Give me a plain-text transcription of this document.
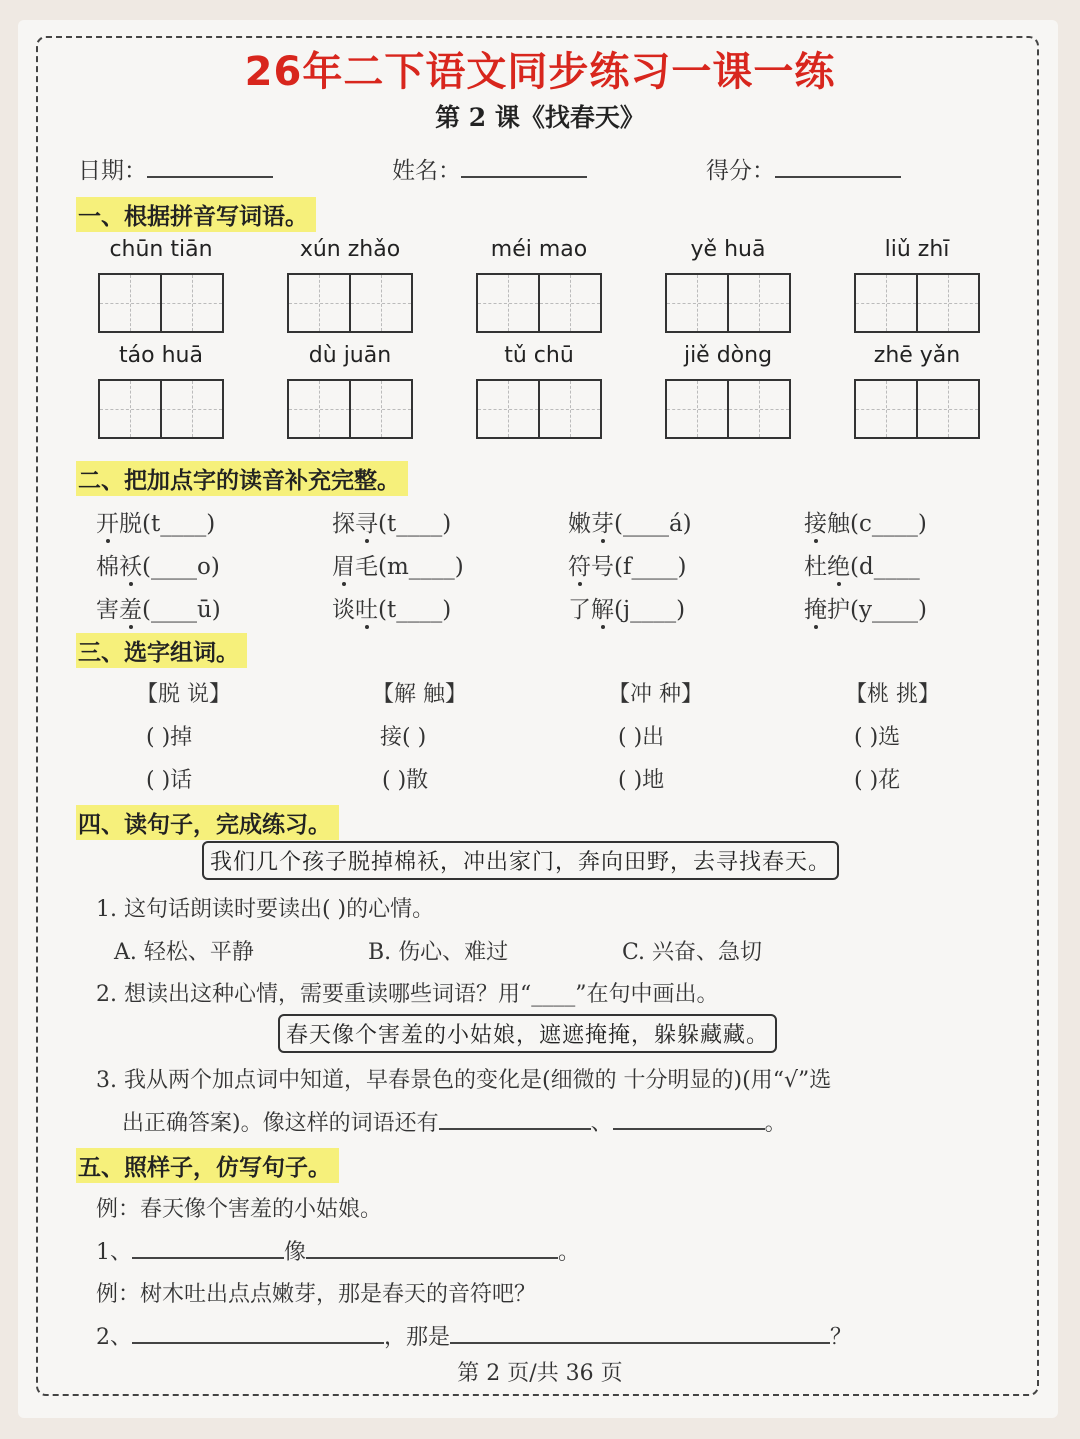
26年二下语文同步练习一课一练
第 2 课《找春天》
日期：	姓名：	得分：
一、根据拼音写词语。
chūn tiān	xún zhǎo	méi mao	yě huā	liǔ zhī
táo huā	dù juān	tǔ chū	jiě dòng	zhē yǎn
二、把加点字的读音补充完整。
开脱(t____)	探寻(t____)	嫩芽(____á)	接触(c____)
棉袄(____o)	眉毛(m____)	符号(f____)	杜绝(d____
害羞(____ū)	谈吐(t____)	了解(j____)	掩护(y____)
三、选字组词。
【脱 说】	【解 触】	【冲 种】	【桃 挑】
( )掉	接( )	( )出	( )选
( )话	( )散	( )地	( )花
四、读句子，完成练习。
我们几个孩子脱掉棉袄，冲出家门，奔向田野，去寻找春天。
1. 这句话朗读时要读出( )的心情。
A. 轻松、平静	B. 伤心、难过	C. 兴奋、急切
2. 想读出这种心情，需要重读哪些词语？用“____”在句中画出。
春天像个害羞的小姑娘，遮遮掩掩，躲躲藏藏。
3. 我从两个加点词中知道，早春景色的变化是(细微的 十分明显的)(用“√”选
出正确答案)。像这样的词语还有	、	。
五、照样子，仿写句子。
例：春天像个害羞的小姑娘。
1、	像	。
例：树木吐出点点嫩芽，那是春天的音符吧？
2、	，那是	？
第 2 页/共 36 页
